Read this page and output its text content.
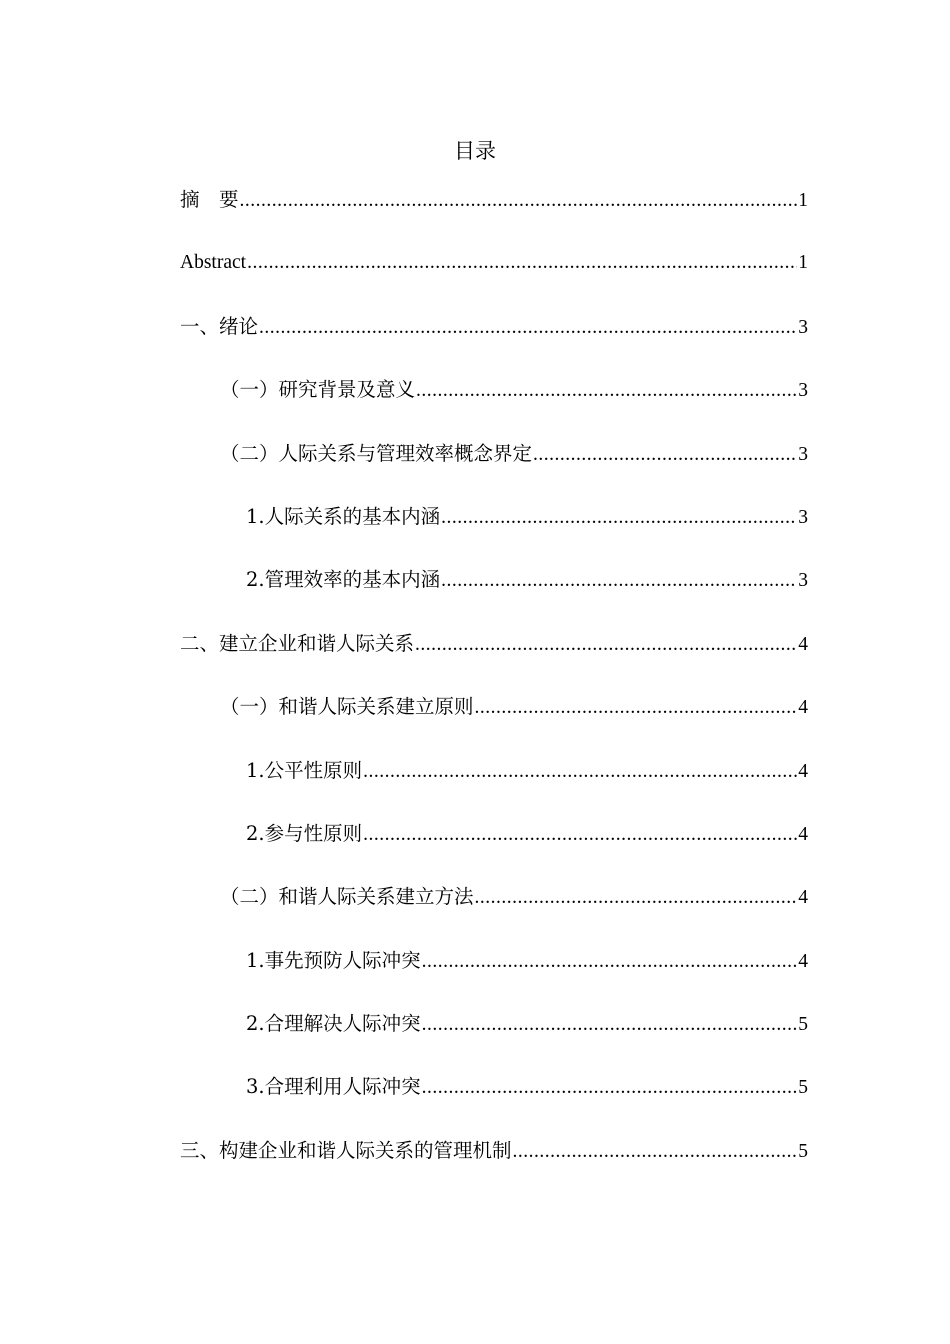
目录
摘　要 .....	1
Abstract .....	1
一、绪论 .....	3
（一）研究背景及意义 .....	3
（二）人际关系与管理效率概念界定 .....	3
1.人际关系的基本内涵 .....	3
2.管理效率的基本内涵 .....	3
二、建立企业和谐人际关系 .....	4
（一）和谐人际关系建立原则 .....	4
1.公平性原则 .....	4
2.参与性原则 .....	4
（二）和谐人际关系建立方法 .....	4
1.事先预防人际冲突 .....	4
2.合理解决人际冲突 .....	5
3.合理利用人际冲突 .....	5
三、构建企业和谐人际关系的管理机制 .....	5
